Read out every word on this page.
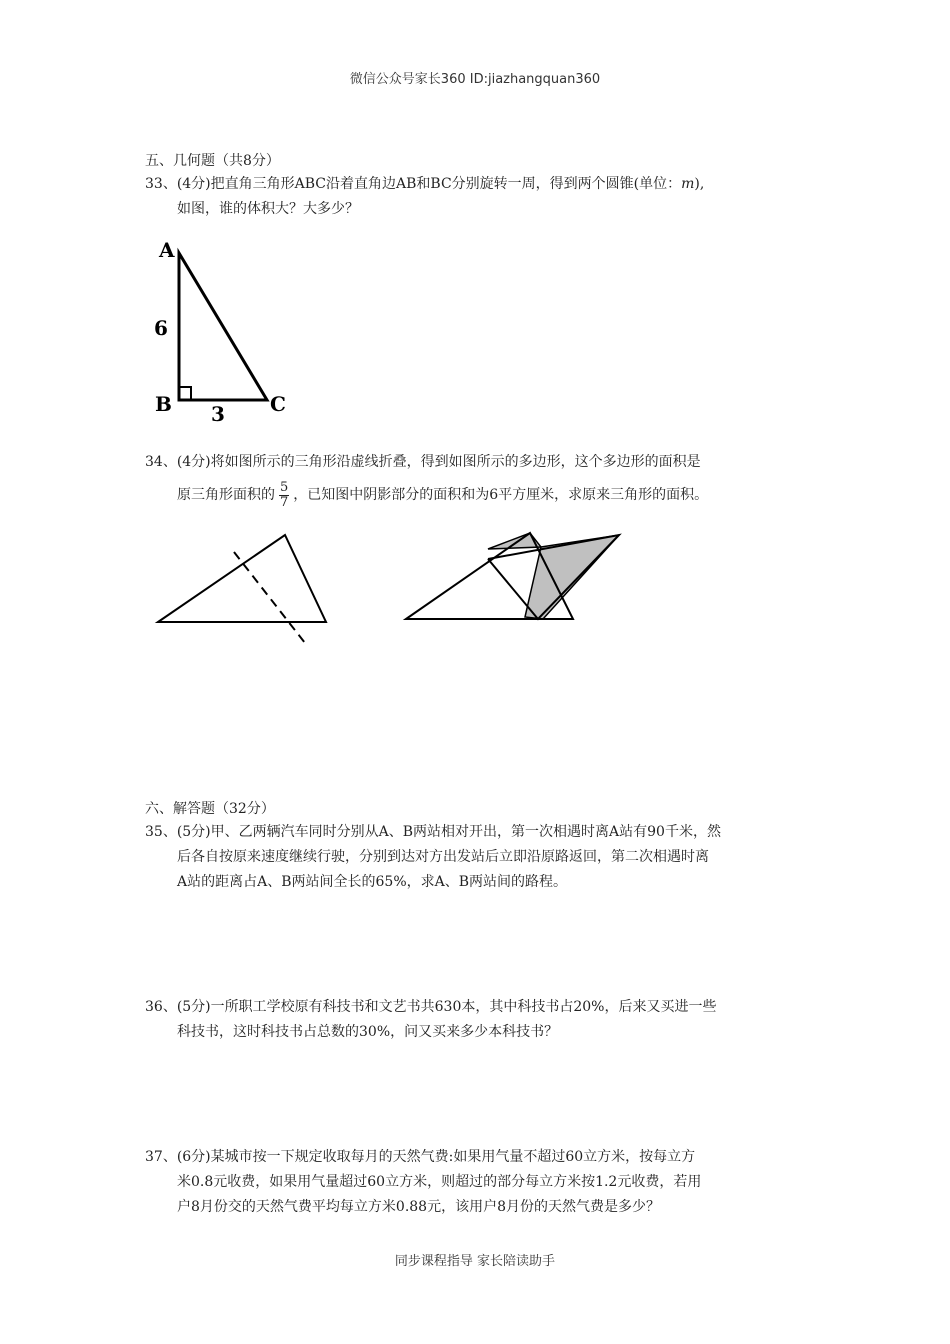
微信公众号家长360 ID:jiazhangquan360
五、几何题（共8分）
33、(4分)把直角三角形ABC沿着直角边AB和BC分别旋转一周，得到两个圆锥(单位：m),
如图，谁的体积大？大多少？
A
6
B	C
3
34、(4分)将如图所示的三角形沿虚线折叠，得到如图所示的多边形，这个多边形的面积是
原三角形面积的 $\frac{5}{7}$ ，已知图中阴影部分的面积和为6平方厘米，求原来三角形的面积。
六、解答题（32分）
35、(5分)甲、乙两辆汽车同时分别从A、B两站相对开出，第一次相遇时离A站有90千米，然
后各自按原来速度继续行驶，分别到达对方出发站后立即沿原路返回，第二次相遇时离
A站的距离占A、B两站间全长的65%，求A、B两站间的路程。
36、(5分)一所职工学校原有科技书和文艺书共630本，其中科技书占20%，后来又买进一些
科技书，这时科技书占总数的30%，问又买来多少本科技书？
37、(6分)某城市按一下规定收取每月的天然气费:如果用气量不超过60立方米，按每立方
米0.8元收费，如果用气量超过60立方米，则超过的部分每立方米按1.2元收费，若用
户8月份交的天然气费平均每立方米0.88元，该用户8月份的天然气费是多少？
同步课程指导 家长陪读助手
